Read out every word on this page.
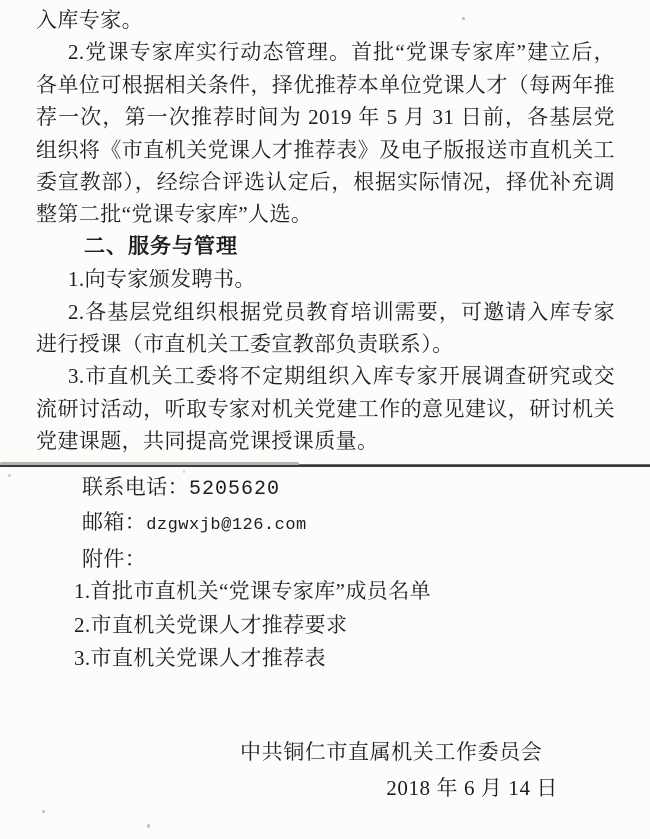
入库专家。

2.党课专家库实行动态管理。首批“党课专家库”建立后，各单位可根据相关条件，择优推荐本单位党课人才（每两年推荐一次，第一次推荐时间为 2019 年 5 月 31 日前，各基层党组织将《市直机关党课人才推荐表》及电子版报送市直机关工委宣教部），经综合评选认定后，根据实际情况，择优补充调整第二批“党课专家库”人选。

二、服务与管理

1.向专家颁发聘书。

2.各基层党组织根据党员教育培训需要，可邀请入库专家进行授课（市直机关工委宣教部负责联系）。

3.市直机关工委将不定期组织入库专家开展调查研究或交流研讨活动，听取专家对机关党建工作的意见建议，研讨机关党建课题，共同提高党课授课质量。

联系电话：5205620

邮箱：dzgwxjb@126.com

附件：

1.首批市直机关“党课专家库”成员名单

2.市直机关党课人才推荐要求

3.市直机关党课人才推荐表

中共铜仁市直属机关工作委员会

2018 年 6 月 14 日
